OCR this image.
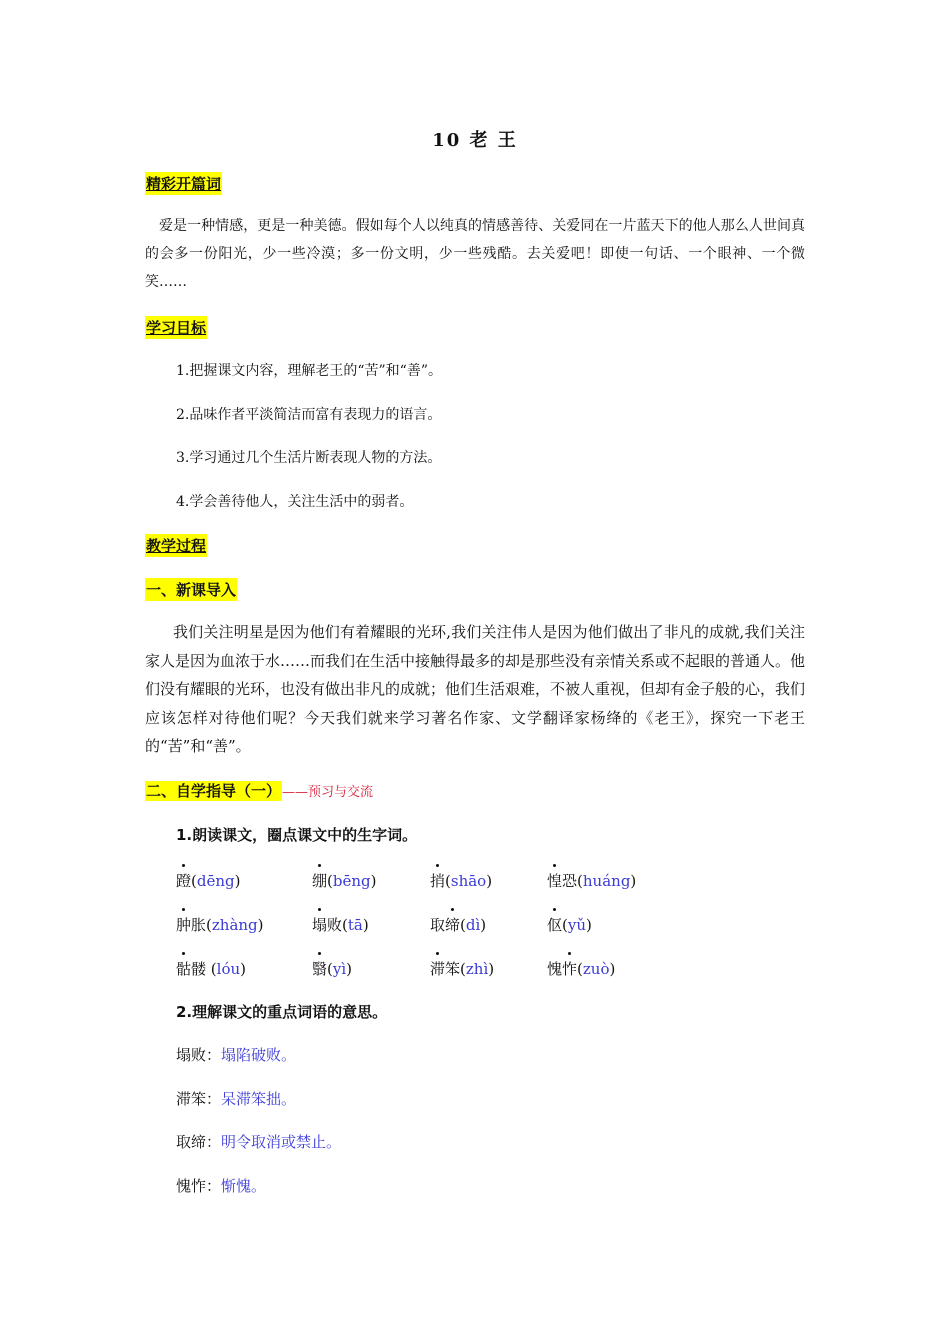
10 老 王
精彩开篇词
爱是一种情感，更是一种美德。假如每个人以纯真的情感善待、关爱同在一片蓝天下的他人那么人世间真的会多一份阳光，少一些冷漠；多一份文明，少一些残酷。去关爱吧！即使一句话、一个眼神、一个微笑……
学习目标
1.把握课文内容，理解老王的“苦”和“善”。
2.品味作者平淡简洁而富有表现力的语言。
3.学习通过几个生活片断表现人物的方法。
4.学会善待他人，关注生活中的弱者。
教学过程
一、新课导入
我们关注明星是因为他们有着耀眼的光环,我们关注伟人是因为他们做出了非凡的成就,我们关注家人是因为血浓于水……而我们在生活中接触得最多的却是那些没有亲情关系或不起眼的普通人。他们没有耀眼的光环，也没有做出非凡的成就；他们生活艰难，不被人重视，但却有金子般的心，我们应该怎样对待他们呢？今天我们就来学习著名作家、文学翻译家杨绛的《老王》，探究一下老王的“苦”和“善”。
二、自学指导（一）——预习与交流
1.朗读课文，圈点课文中的生字词。
蹬(dēng)	绷(bēng)	捎(shāo)	惶恐(huáng)
肿胀(zhàng)	塌败(tā)	取缔(dì)	伛(yǔ)
骷髅 (lóu)	翳(yì)	滞笨(zhì)	愧怍(zuò)
2.理解课文的重点词语的意思。
塌败：塌陷破败。
滞笨：呆滞笨拙。
取缔：明令取消或禁止。
愧怍：惭愧。
